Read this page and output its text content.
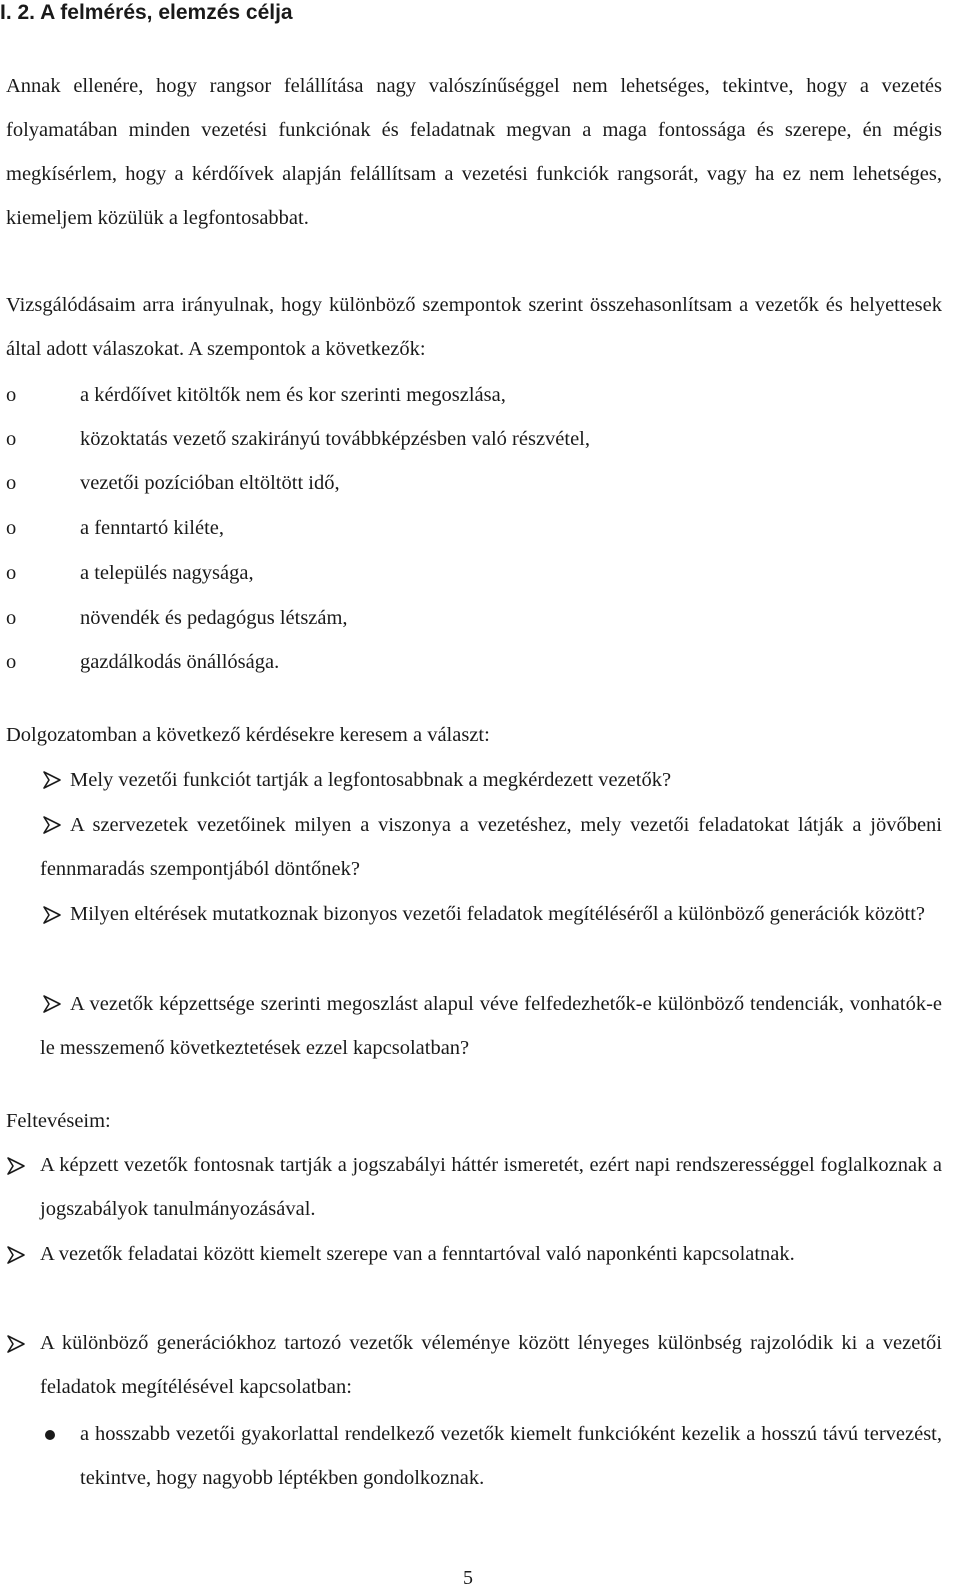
I. 2. A felmérés, elemzés célja

Annak ellenére, hogy rangsor felállítása nagy valószínűséggel nem lehetséges, tekintve, hogy a vezetés folyamatában minden vezetési funkciónak és feladatnak megvan a maga fontossága és szerepe, én mégis megkísérlem, hogy a kérdőívek alapján felállítsam a vezetési funkciók rangsorát, vagy ha ez nem lehetséges, kiemeljem közülük a legfontosabbat.

Vizsgálódásaim arra irányulnak, hogy különböző szempontok szerint összehasonlítsam a vezetők és helyettesek által adott válaszokat. A szempontok a következők:

o	a kérdőívet kitöltők nem és kor szerinti megoszlása,
o	közoktatás vezető szakirányú továbbképzésben való részvétel,
o	vezetői pozícióban eltöltött idő,
o	a fenntartó kiléte,
o	a település nagysága,
o	növendék és pedagógus létszám,
o	gazdálkodás önállósága.

Dolgozatomban a következő kérdésekre keresem a választ:

Mely vezetői funkciót tartják a legfontosabbnak a megkérdezett vezetők?

A szervezetek vezetőinek milyen a viszonya a vezetéshez, mely vezetői feladatokat látják a jövőbeni fennmaradás szempontjából döntőnek?

Milyen eltérések mutatkoznak bizonyos vezetői feladatok megítéléséről a különböző generációk között?

A vezetők képzettsége szerinti megoszlást alapul véve felfedezhetők-e különböző tendenciák, vonhatók-e le messzemenő következtetések ezzel kapcsolatban?

Feltevéseim:

A képzett vezetők fontosnak tartják a jogszabályi háttér ismeretét, ezért napi rendszerességgel foglalkoznak a jogszabályok tanulmányozásával.

A vezetők feladatai között kiemelt szerepe van a fenntartóval való naponkénti kapcsolatnak.

A különböző generációkhoz tartozó vezetők véleménye között lényeges különbség rajzolódik ki a vezetői feladatok megítélésével kapcsolatban:

a hosszabb vezetői gyakorlattal rendelkező vezetők kiemelt funkcióként kezelik a hosszú távú tervezést, tekintve, hogy nagyobb léptékben gondolkoznak.

5
